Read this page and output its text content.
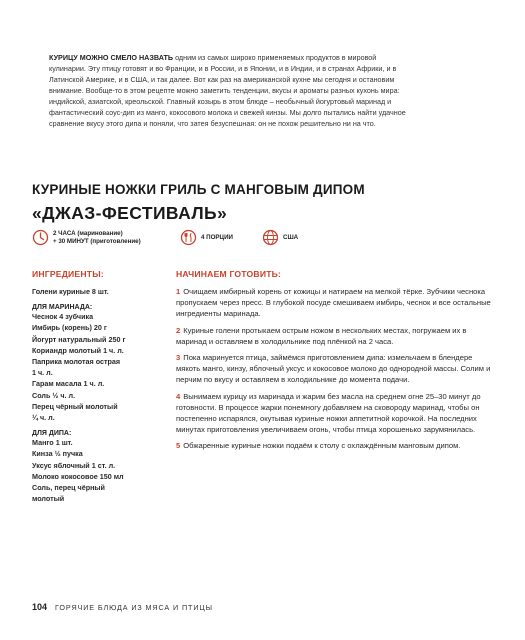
КУРИЦУ МОЖНО СМЕЛО НАЗВАТЬ одним из самых широко применяемых продуктов в мировой кулинарии. Эту птицу готовят и во Франции, и в России, и в Японии, и в Индии, и в странах Африки, и в Латинской Америке, и в США, и так далее. Вот как раз на американской кухне мы сегодня и остановим внимание. Вообще-то в этом рецепте можно заметить тенденции, вкусы и ароматы разных кухонь мира: индийской, азиатской, креольской. Главный козырь в этом блюде – необычный йогуртовый маринад и фантастический соус-дип из манго, кокосового молока и свежей кинзы. Мы долго пытались найти удачное сравнение вкусу этого дипа и поняли, что затея безуспешная: он не похож решительно ни на что.
КУРИНЫЕ НОЖКИ ГРИЛЬ С МАНГОВЫМ ДИПОМ
«ДЖАЗ-ФЕСТИВАЛЬ»
2 ЧАСА (маринование)
+ 30 МИНУТ (приготовление)
4 ПОРЦИИ	США
ИНГРЕДИЕНТЫ:
Голени куриные 8 шт.
ДЛЯ МАРИНАДА:
Чеснок 4 зубчика
Имбирь (корень) 20 г
Йогурт натуральный 250 г
Кориандр молотый 1 ч. л.
Паприка молотая острая
1 ч. л.
Гарам масала 1 ч. л.
Соль ½ ч. л.
Перец чёрный молотый
¼ ч. л.
ДЛЯ ДИПА:
Манго 1 шт.
Кинза ½ пучка
Уксус яблочный 1 ст. л.
Молоко кокосовое 150 мл
Соль, перец чёрный
молотый
НАЧИНАЕМ ГОТОВИТЬ:
1 Очищаем имбирный корень от кожицы и натираем на мелкой тёрке. Зубчики чеснока пропускаем через пресс. В глубокой посуде смешиваем имбирь, чеснок и все остальные ингредиенты маринада.
2 Куриные голени протыкаем острым ножом в нескольких местах, погружаем их в маринад и оставляем в холодильнике под плёнкой на 2 часа.
3 Пока маринуется птица, займёмся приготовлением дипа: измельчаем в блендере мякоть манго, кинзу, яблочный уксус и кокосовое молоко до однородной массы. Солим и перчим по вкусу и оставляем в холодильнике до момента подачи.
4 Вынимаем курицу из маринада и жарим без масла на среднем огне 25–30 минут до готовности. В процессе жарки понемногу добавляем на сковороду маринад, чтобы он постепенно испарялся, окутывая куриные ножки аппетитной корочкой. На последних минутах приготовления увеличиваем огонь, чтобы птица хорошенько зарумянилась.
5 Обжаренные куриные ножки подаём к столу с охлаждённым манговым дипом.
104 ГОРЯЧИЕ БЛЮДА ИЗ МЯСА И ПТИЦЫ
